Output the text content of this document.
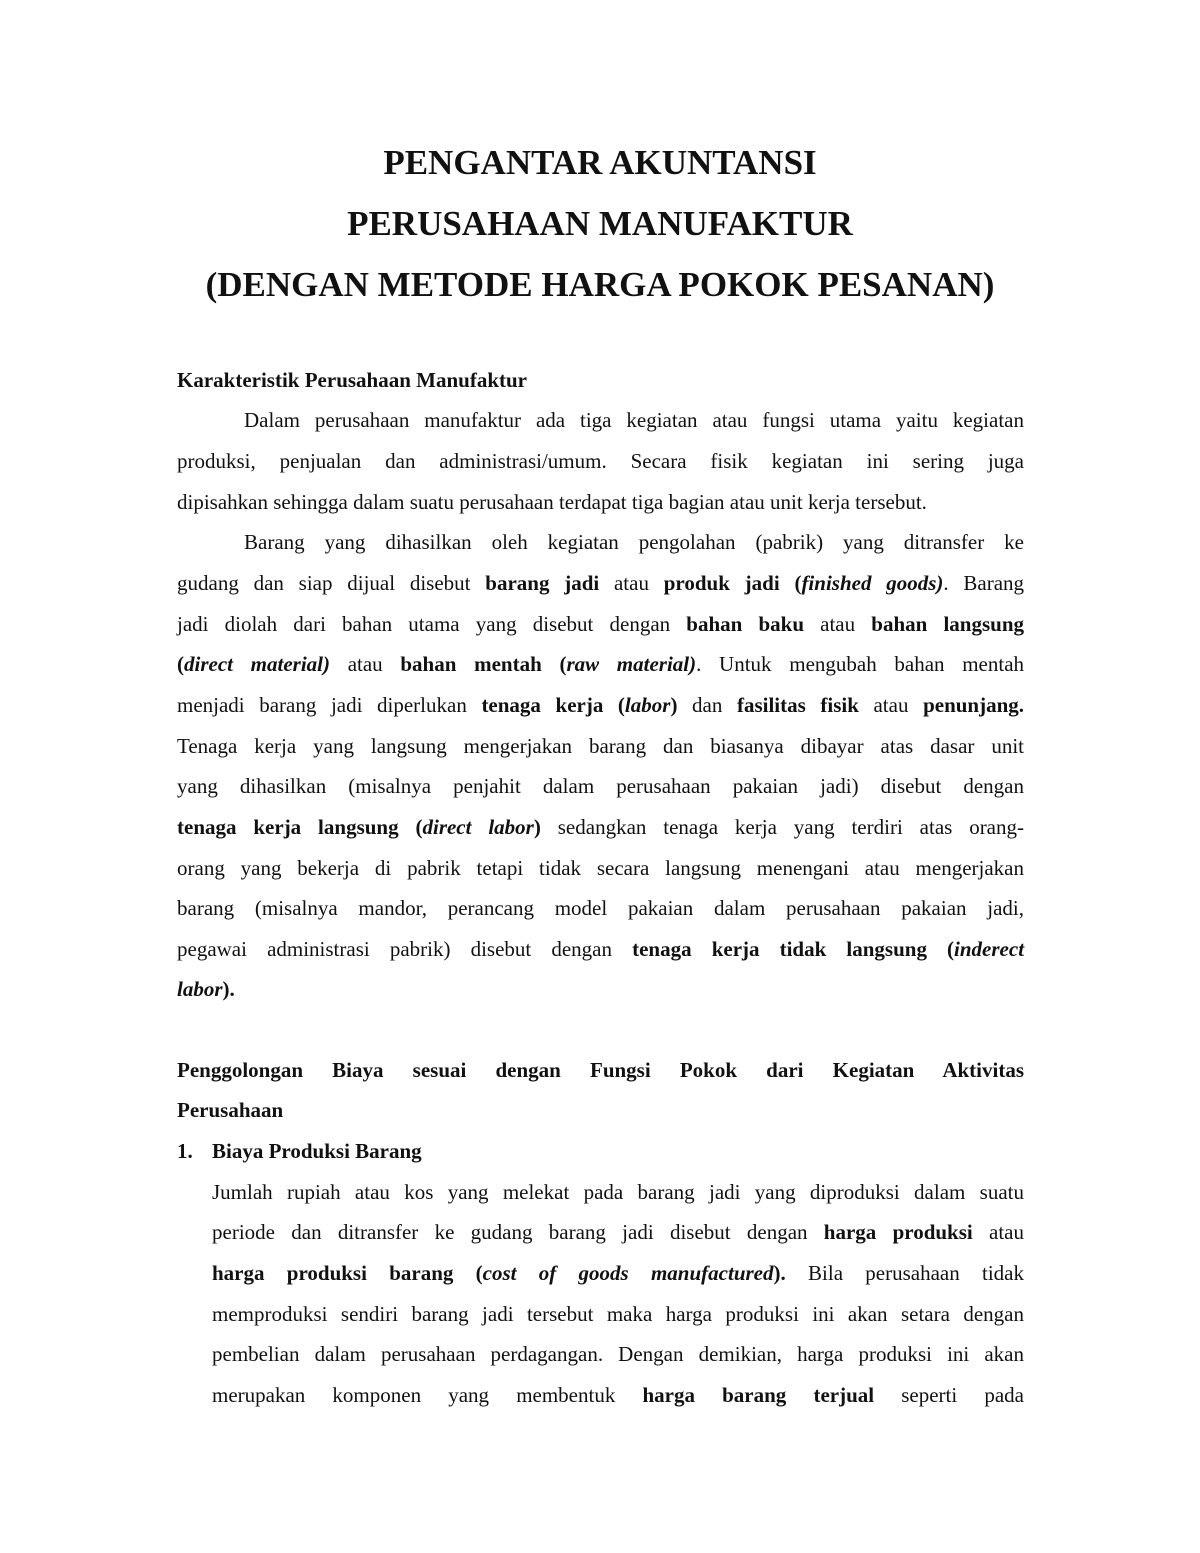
PENGANTAR AKUNTANSI
PERUSAHAAN MANUFAKTUR
(DENGAN METODE HARGA POKOK PESANAN)
Karakteristik Perusahaan Manufaktur
Dalam perusahaan manufaktur ada tiga kegiatan atau fungsi utama yaitu kegiatan
produksi, penjualan dan administrasi/umum. Secara fisik kegiatan ini sering juga
dipisahkan sehingga dalam suatu perusahaan terdapat tiga bagian atau unit kerja tersebut.
Barang yang dihasilkan oleh kegiatan pengolahan (pabrik) yang ditransfer ke
gudang dan siap dijual disebut barang jadi atau produk jadi (finished goods). Barang
jadi diolah dari bahan utama yang disebut dengan bahan baku atau bahan langsung
(direct material) atau bahan mentah (raw material). Untuk mengubah bahan mentah
menjadi barang jadi diperlukan tenaga kerja (labor) dan fasilitas fisik atau penunjang.
Tenaga kerja yang langsung mengerjakan barang dan biasanya dibayar atas dasar unit
yang dihasilkan (misalnya penjahit dalam perusahaan pakaian jadi) disebut dengan
tenaga kerja langsung (direct labor) sedangkan tenaga kerja yang terdiri atas orang-
orang yang bekerja di pabrik tetapi tidak secara langsung menengani atau mengerjakan
barang (misalnya mandor, perancang model pakaian dalam perusahaan pakaian jadi,
pegawai administrasi pabrik) disebut dengan tenaga kerja tidak langsung (inderect
labor).
Penggolongan Biaya sesuai dengan Fungsi Pokok dari Kegiatan Aktivitas
Perusahaan
1. Biaya Produksi Barang
Jumlah rupiah atau kos yang melekat pada barang jadi yang diproduksi dalam suatu
periode dan ditransfer ke gudang barang jadi disebut dengan harga produksi atau
harga produksi barang (cost of goods manufactured). Bila perusahaan tidak
memproduksi sendiri barang jadi tersebut maka harga produksi ini akan setara dengan
pembelian dalam perusahaan perdagangan. Dengan demikian, harga produksi ini akan
merupakan komponen yang membentuk harga barang terjual seperti pada
